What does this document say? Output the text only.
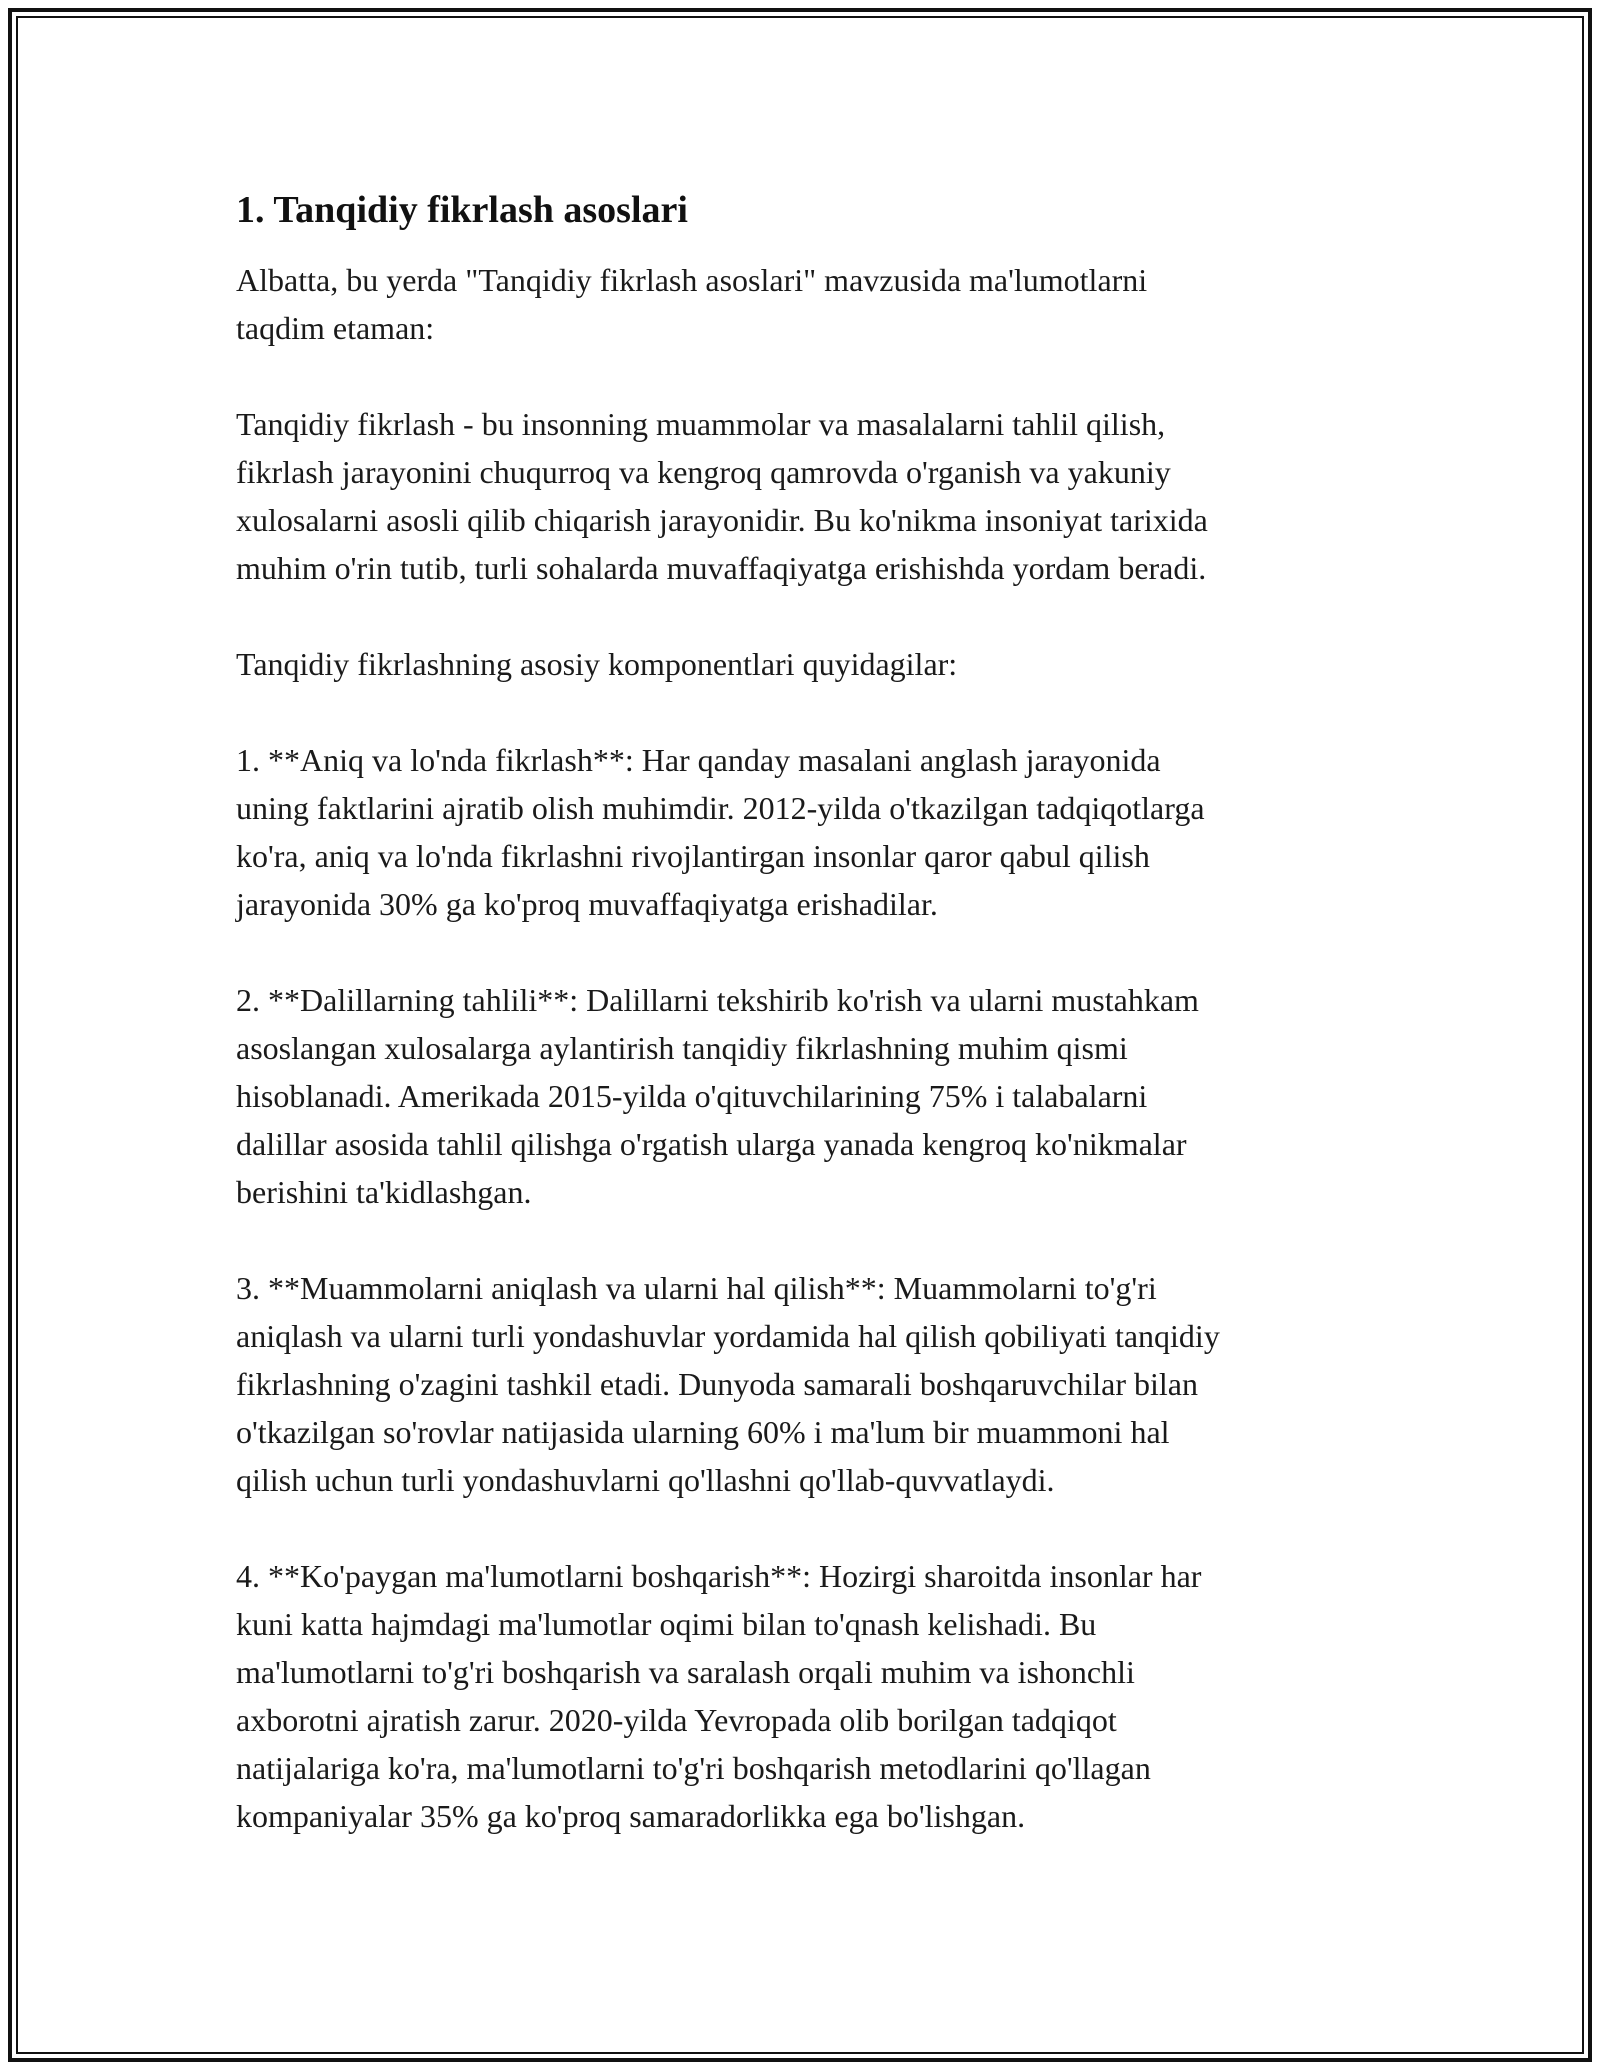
1. Tanqidiy fikrlash asoslari

Albatta, bu yerda "Tanqidiy fikrlash asoslari" mavzusida ma'lumotlarni
taqdim etaman:

Tanqidiy fikrlash - bu insonning muammolar va masalalarni tahlil qilish,
fikrlash jarayonini chuqurroq va kengroq qamrovda o'rganish va yakuniy
xulosalarni asosli qilib chiqarish jarayonidir. Bu ko'nikma insoniyat tarixida
muhim o'rin tutib, turli sohalarda muvaffaqiyatga erishishda yordam beradi.

Tanqidiy fikrlashning asosiy komponentlari quyidagilar:

1. **Aniq va lo'nda fikrlash**: Har qanday masalani anglash jarayonida
uning faktlarini ajratib olish muhimdir. 2012-yilda o'tkazilgan tadqiqotlarga
ko'ra, aniq va lo'nda fikrlashni rivojlantirgan insonlar qaror qabul qilish
jarayonida 30% ga ko'proq muvaffaqiyatga erishadilar.

2. **Dalillarning tahlili**: Dalillarni tekshirib ko'rish va ularni mustahkam
asoslangan xulosalarga aylantirish tanqidiy fikrlashning muhim qismi
hisoblanadi. Amerikada 2015-yilda o'qituvchilarining 75% i talabalarni
dalillar asosida tahlil qilishga o'rgatish ularga yanada kengroq ko'nikmalar
berishini ta'kidlashgan.

3. **Muammolarni aniqlash va ularni hal qilish**: Muammolarni to'g'ri
aniqlash va ularni turli yondashuvlar yordamida hal qilish qobiliyati tanqidiy
fikrlashning o'zagini tashkil etadi. Dunyoda samarali boshqaruvchilar bilan
o'tkazilgan so'rovlar natijasida ularning 60% i ma'lum bir muammoni hal
qilish uchun turli yondashuvlarni qo'llashni qo'llab-quvvatlaydi.

4. **Ko'paygan ma'lumotlarni boshqarish**: Hozirgi sharoitda insonlar har
kuni katta hajmdagi ma'lumotlar oqimi bilan to'qnash kelishadi. Bu
ma'lumotlarni to'g'ri boshqarish va saralash orqali muhim va ishonchli
axborotni ajratish zarur. 2020-yilda Yevropada olib borilgan tadqiqot
natijalariga ko'ra, ma'lumotlarni to'g'ri boshqarish metodlarini qo'llagan
kompaniyalar 35% ga ko'proq samaradorlikka ega bo'lishgan.
